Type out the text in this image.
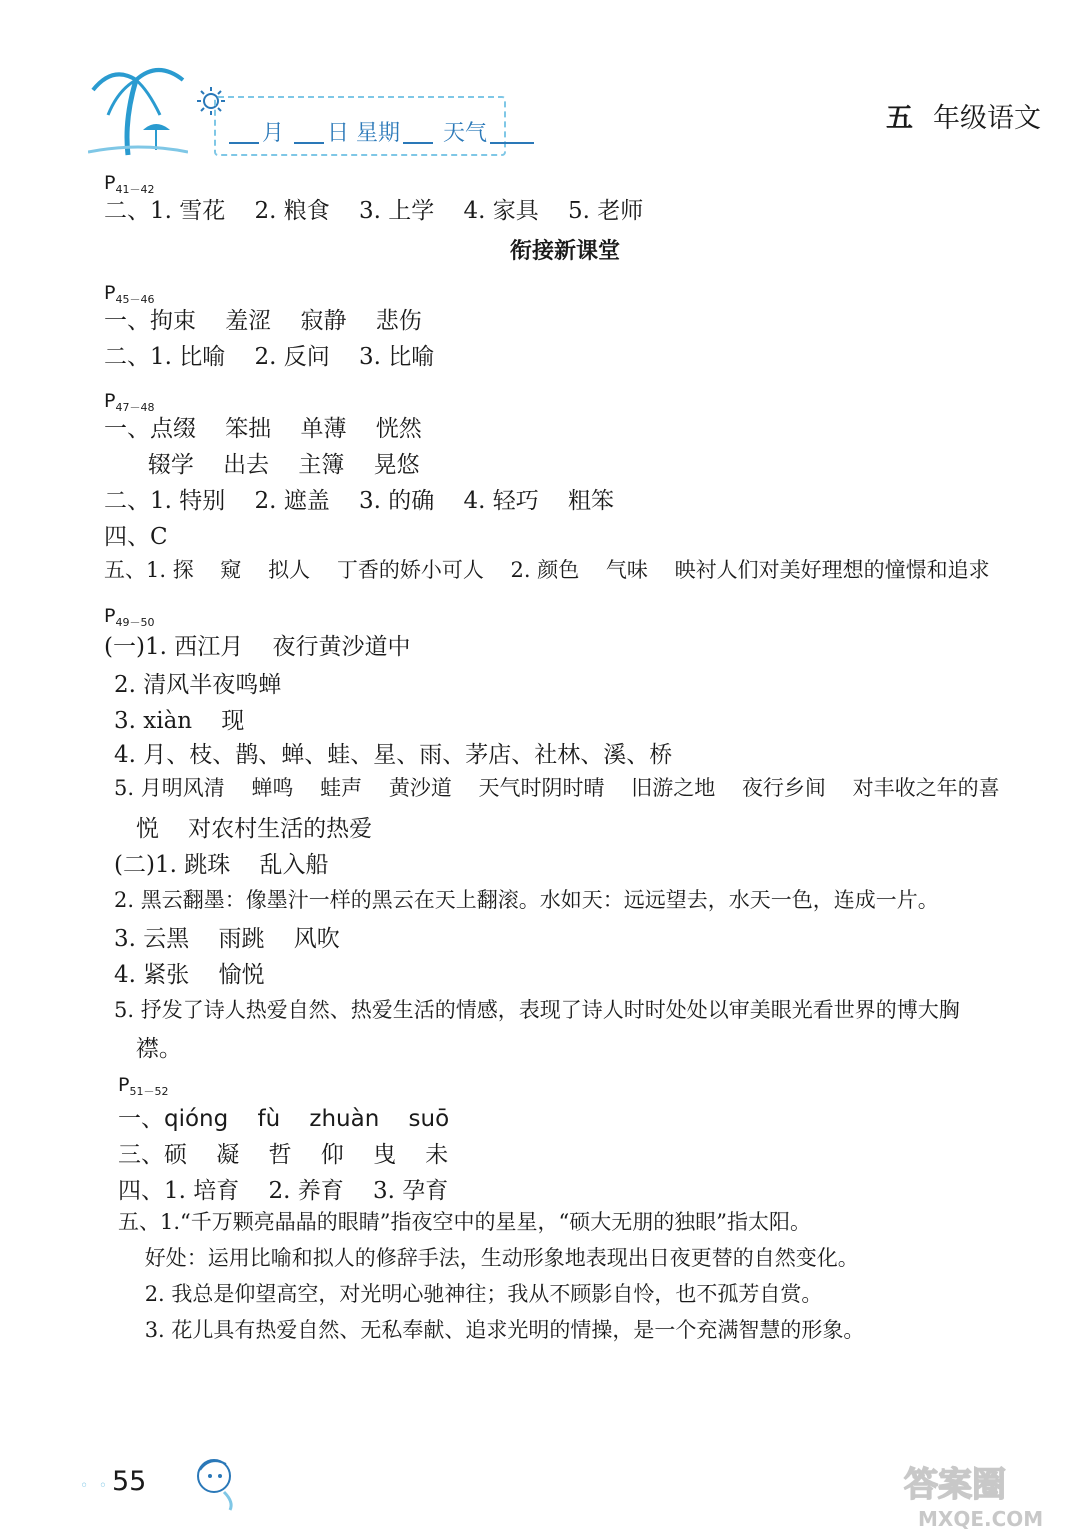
月 日 星期 天气	五 年级语文
$P_{41-42}$
$P_{45-46}$
$P_{47-48}$
$P_{49-50}$
$P_{51-52}$
衔接新课堂
二、1. 雪花    2. 粮食    3. 上学    4. 家具    5. 老师
一、拘束    羞涩    寂静    悲伤
二、1. 比喻    2. 反问    3. 比喻
一、点缀    笨拙    单薄    恍然
辍学    出去    主簿    晃悠
二、1. 特别    2. 遮盖    3. 的确    4. 轻巧    粗笨
四、C
五、1. 探    窥    拟人    丁香的娇小可人    2. 颜色    气味    映衬人们对美好理想的憧憬和追求
(一)1. 西江月    夜行黄沙道中
2. 清风半夜鸣蝉
3. xiàn    现
4. 月、枝、鹊、蝉、蛙、星、雨、茅店、社林、溪、桥
5. 月明风清    蝉鸣    蛙声    黄沙道    天气时阴时晴    旧游之地    夜行乡间    对丰收之年的喜
悦    对农村生活的热爱
(二)1. 跳珠    乱入船
2. 黑云翻墨：像墨汁一样的黑云在天上翻滚。水如天：远远望去，水天一色，连成一片。
3. 云黑    雨跳    风吹
4. 紧张    愉悦
5. 抒发了诗人热爱自然、热爱生活的情感，表现了诗人时时处处以审美眼光看世界的博大胸
襟。
一、qióng    fù    zhuàn    suō
三、硕    凝    哲    仰    曳    未
四、1. 培育    2. 养育    3. 孕育
五、1.“千万颗亮晶晶的眼睛”指夜空中的星星，“硕大无朋的独眼”指太阳。
好处：运用比喻和拟人的修辞手法，生动形象地表现出日夜更替的自然变化。
2. 我总是仰望高空，对光明心驰神往；我从不顾影自怜，也不孤芳自赏。
3. 花儿具有热爱自然、无私奉献、追求光明的情操，是一个充满智慧的形象。
◦ ◦ 55	答案圈
MXQE.COM
